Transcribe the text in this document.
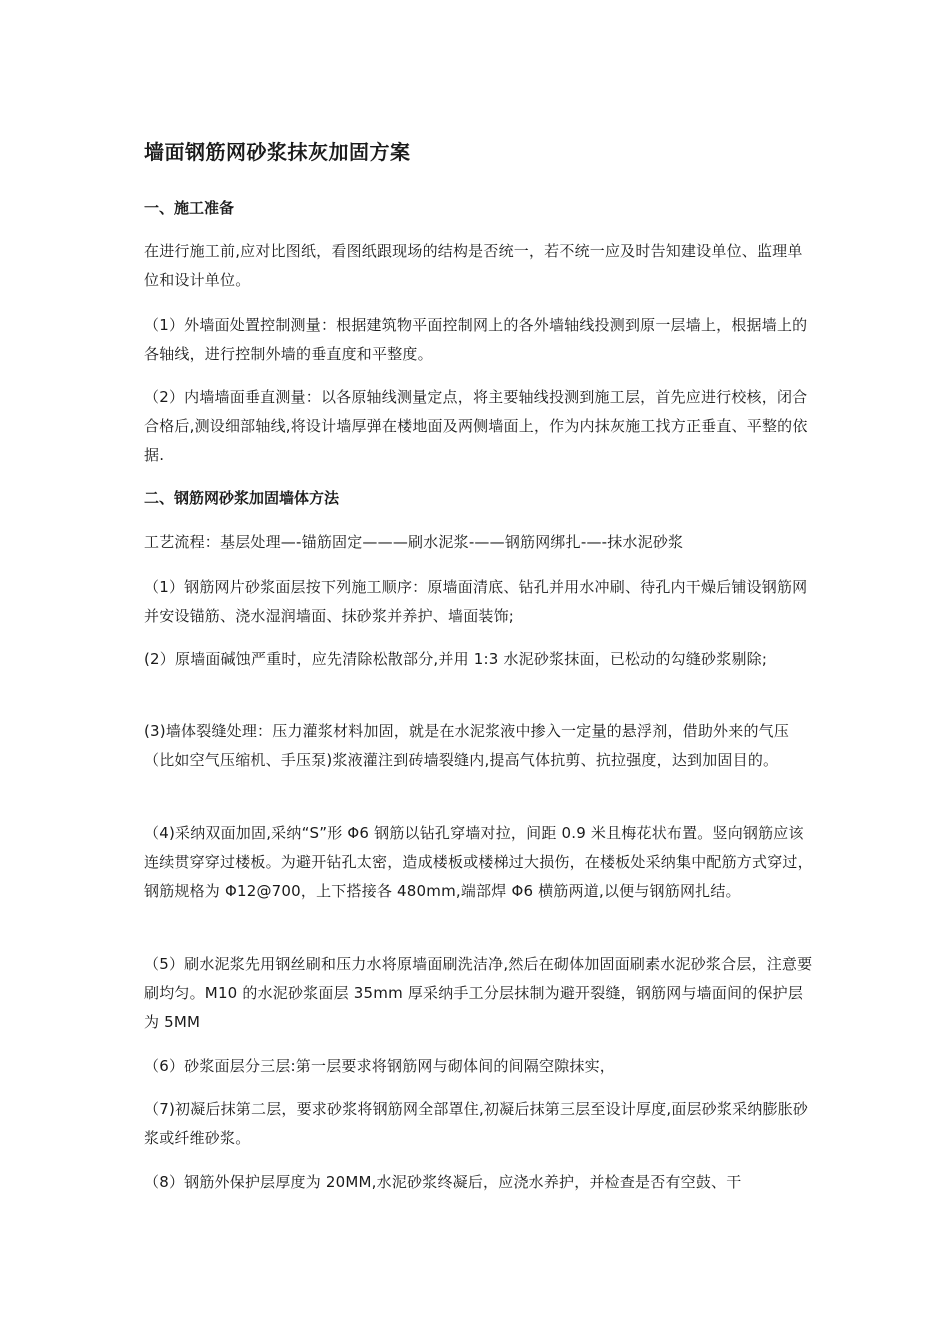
墙面钢筋网砂浆抹灰加固方案
一、施工准备

在进行施工前,应对比图纸，看图纸跟现场的结构是否统一，若不统一应及时告知建设单位、监理单位和设计单位。

（1）外墙面处置控制测量：根据建筑物平面控制网上的各外墙轴线投测到原一层墙上，根据墙上的各轴线，进行控制外墙的垂直度和平整度。

（2）内墙墙面垂直测量：以各原轴线测量定点，将主要轴线投测到施工层，首先应进行校核，闭合合格后,测设细部轴线,将设计墙厚弹在楼地面及两侧墙面上，作为内抹灰施工找方正垂直、平整的依据.

二、钢筋网砂浆加固墙体方法

工艺流程：基层处理—-锚筋固定———刷水泥浆-——钢筋网绑扎-—-抹水泥砂浆

（1）钢筋网片砂浆面层按下列施工顺序：原墙面清底、钻孔并用水冲刷、待孔内干燥后铺设钢筋网并安设锚筋、浇水湿润墙面、抹砂浆并养护、墙面装饰;

(2）原墙面碱蚀严重时，应先清除松散部分,并用 1:3 水泥砂浆抹面，已松动的勾缝砂浆剔除;

(3)墙体裂缝处理：压力灌浆材料加固，就是在水泥浆液中掺入一定量的悬浮剂，借助外来的气压（比如空气压缩机、手压泵)浆液灌注到砖墙裂缝内,提高气体抗剪、抗拉强度，达到加固目的。

（4)采纳双面加固,采纳“S”形 Φ6 钢筋以钻孔穿墙对拉，间距 0.9 米且梅花状布置。竖向钢筋应该连续贯穿穿过楼板。为避开钻孔太密，造成楼板或楼梯过大损伤，在楼板处采纳集中配筋方式穿过，钢筋规格为 Φ12@700，上下搭接各 480mm,端部焊 Φ6 横筋两道,以便与钢筋网扎结。

（5）刷水泥浆先用钢丝刷和压力水将原墙面刷洗洁净,然后在砌体加固面刷素水泥砂浆合层，注意要刷均匀。M10 的水泥砂浆面层 35mm 厚采纳手工分层抹制为避开裂缝，钢筋网与墙面间的保护层为 5MM

（6）砂浆面层分三层:第一层要求将钢筋网与砌体间的间隔空隙抹实，

（7)初凝后抹第二层，要求砂浆将钢筋网全部罩住,初凝后抹第三层至设计厚度,面层砂浆采纳膨胀砂浆或纤维砂浆。

（8）钢筋外保护层厚度为 20MM,水泥砂浆终凝后，应浇水养护，并检查是否有空鼓、干
